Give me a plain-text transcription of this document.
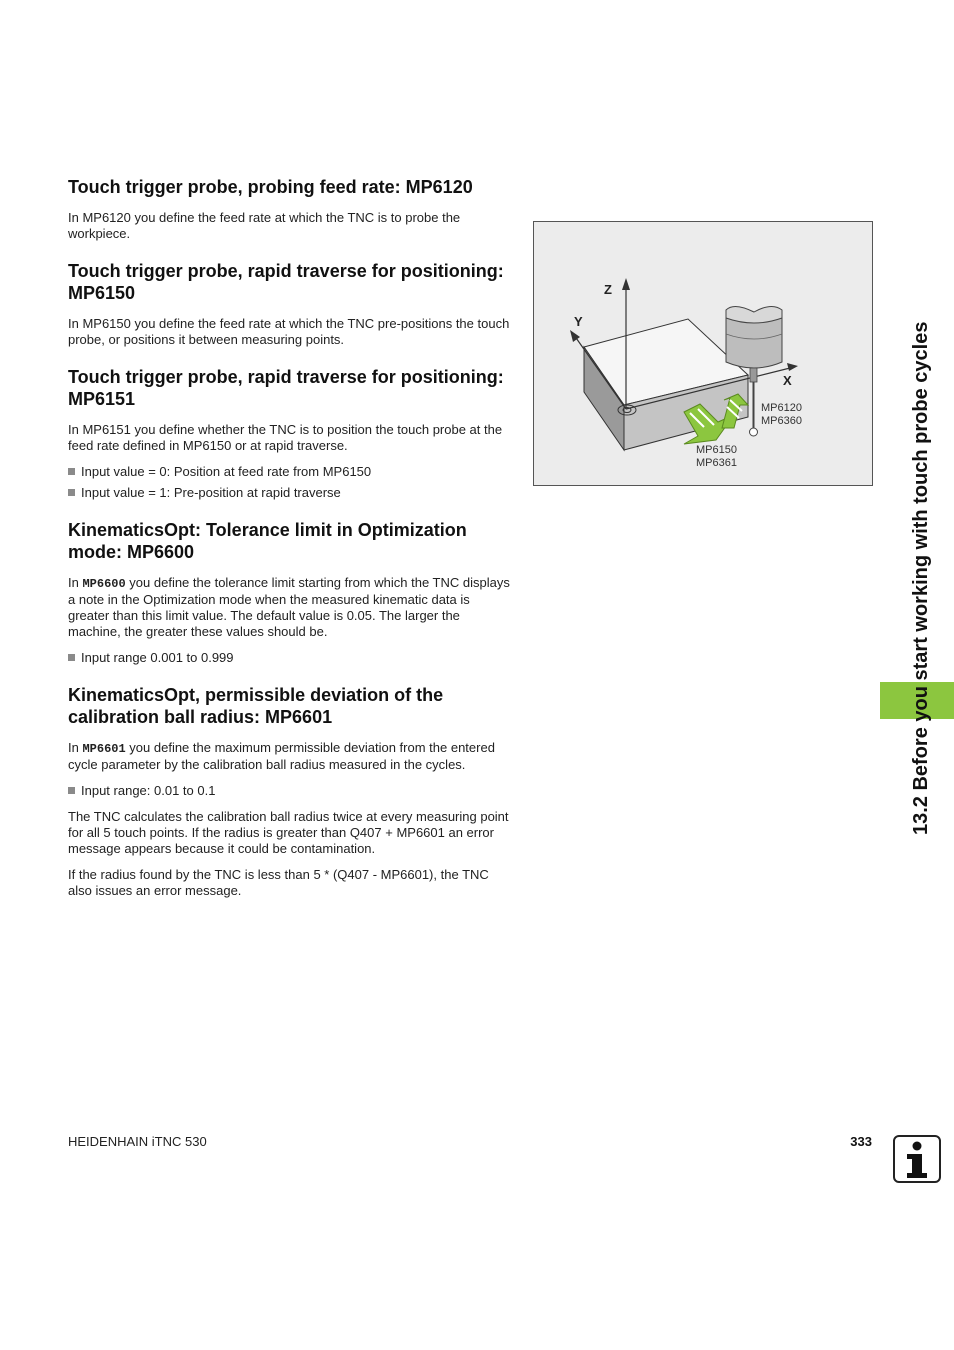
Touch trigger probe, probing feed rate: MP6120

In MP6120 you define the feed rate at which the TNC is to probe the workpiece.

Touch trigger probe, rapid traverse for positioning: MP6150

In MP6150 you define the feed rate at which the TNC pre-positions the touch probe, or positions it between measuring points.

Touch trigger probe, rapid traverse for positioning: MP6151

In MP6151 you define whether the TNC is to position the touch probe at the feed rate defined in MP6150 or at rapid traverse.

Input value = 0: Position at feed rate from MP6150
Input value = 1: Pre-position at rapid traverse
KinematicsOpt: Tolerance limit in Optimization mode: MP6600

In MP6600 you define the tolerance limit starting from which the TNC displays a note in the Optimization mode when the measured kinematic data is greater than this limit value. The default value is 0.05. The larger the machine, the greater these values should be.

Input range 0.001 to 0.999
KinematicsOpt, permissible deviation of the calibration ball radius: MP6601

In MP6601 you define the maximum permissible deviation from the entered cycle parameter by the calibration ball radius measured in the cycles.

Input range: 0.01 to 0.1

The TNC calculates the calibration ball radius twice at every measuring point for all 5 touch points. If the radius is greater than Q407 + MP6601 an error message appears because it could be contamination.

If the radius found by the TNC is less than 5 * (Q407 - MP6601), the TNC also issues an error message.

Z
Y
X
MP6120
MP6360
MP6150
MP6361	13.2 Before you start working with touch probe cycles
HEIDENHAIN iTNC 530	333
